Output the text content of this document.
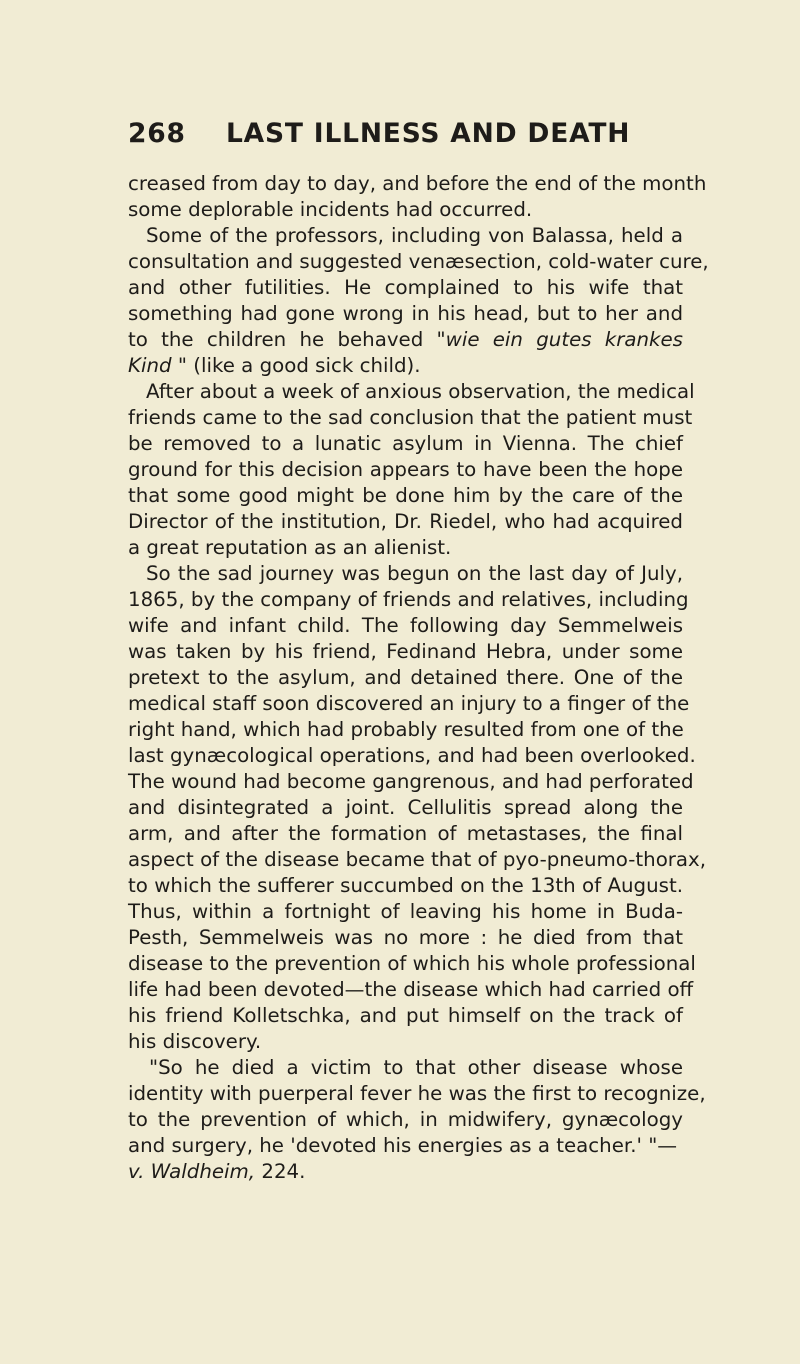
268 LAST ILLNESS AND DEATH
creased from day to day, and before the end of the month
some deplorable incidents had occurred.
Some of the professors, including von Balassa, held a
consultation and suggested venæsection, cold-water cure,
and other futilities. He complained to his wife that
something had gone wrong in his head, but to her and
to the children he behaved "wie ein gutes krankes
Kind " (like a good sick child).
After about a week of anxious observation, the medical
friends came to the sad conclusion that the patient must
be removed to a lunatic asylum in Vienna. The chief
ground for this decision appears to have been the hope
that some good might be done him by the care of the
Director of the institution, Dr. Riedel, who had acquired
a great reputation as an alienist.
So the sad journey was begun on the last day of July,
1865, by the company of friends and relatives, including
wife and infant child. The following day Semmelweis
was taken by his friend, Fedinand Hebra, under some
pretext to the asylum, and detained there. One of the
medical staff soon discovered an injury to a finger of the
right hand, which had probably resulted from one of the
last gynæcological operations, and had been overlooked.
The wound had become gangrenous, and had perforated
and disintegrated a joint. Cellulitis spread along the
arm, and after the formation of metastases, the final
aspect of the disease became that of pyo-pneumo-thorax,
to which the sufferer succumbed on the 13th of August.
Thus, within a fortnight of leaving his home in Buda-
Pesth, Semmelweis was no more : he died from that
disease to the prevention of which his whole professional
life had been devoted—the disease which had carried off
his friend Kolletschka, and put himself on the track of
his discovery.
"So he died a victim to that other disease whose
identity with puerperal fever he was the first to recognize,
to the prevention of which, in midwifery, gynæcology
and surgery, he 'devoted his energies as a teacher.' "—
v. Waldheim, 224.
